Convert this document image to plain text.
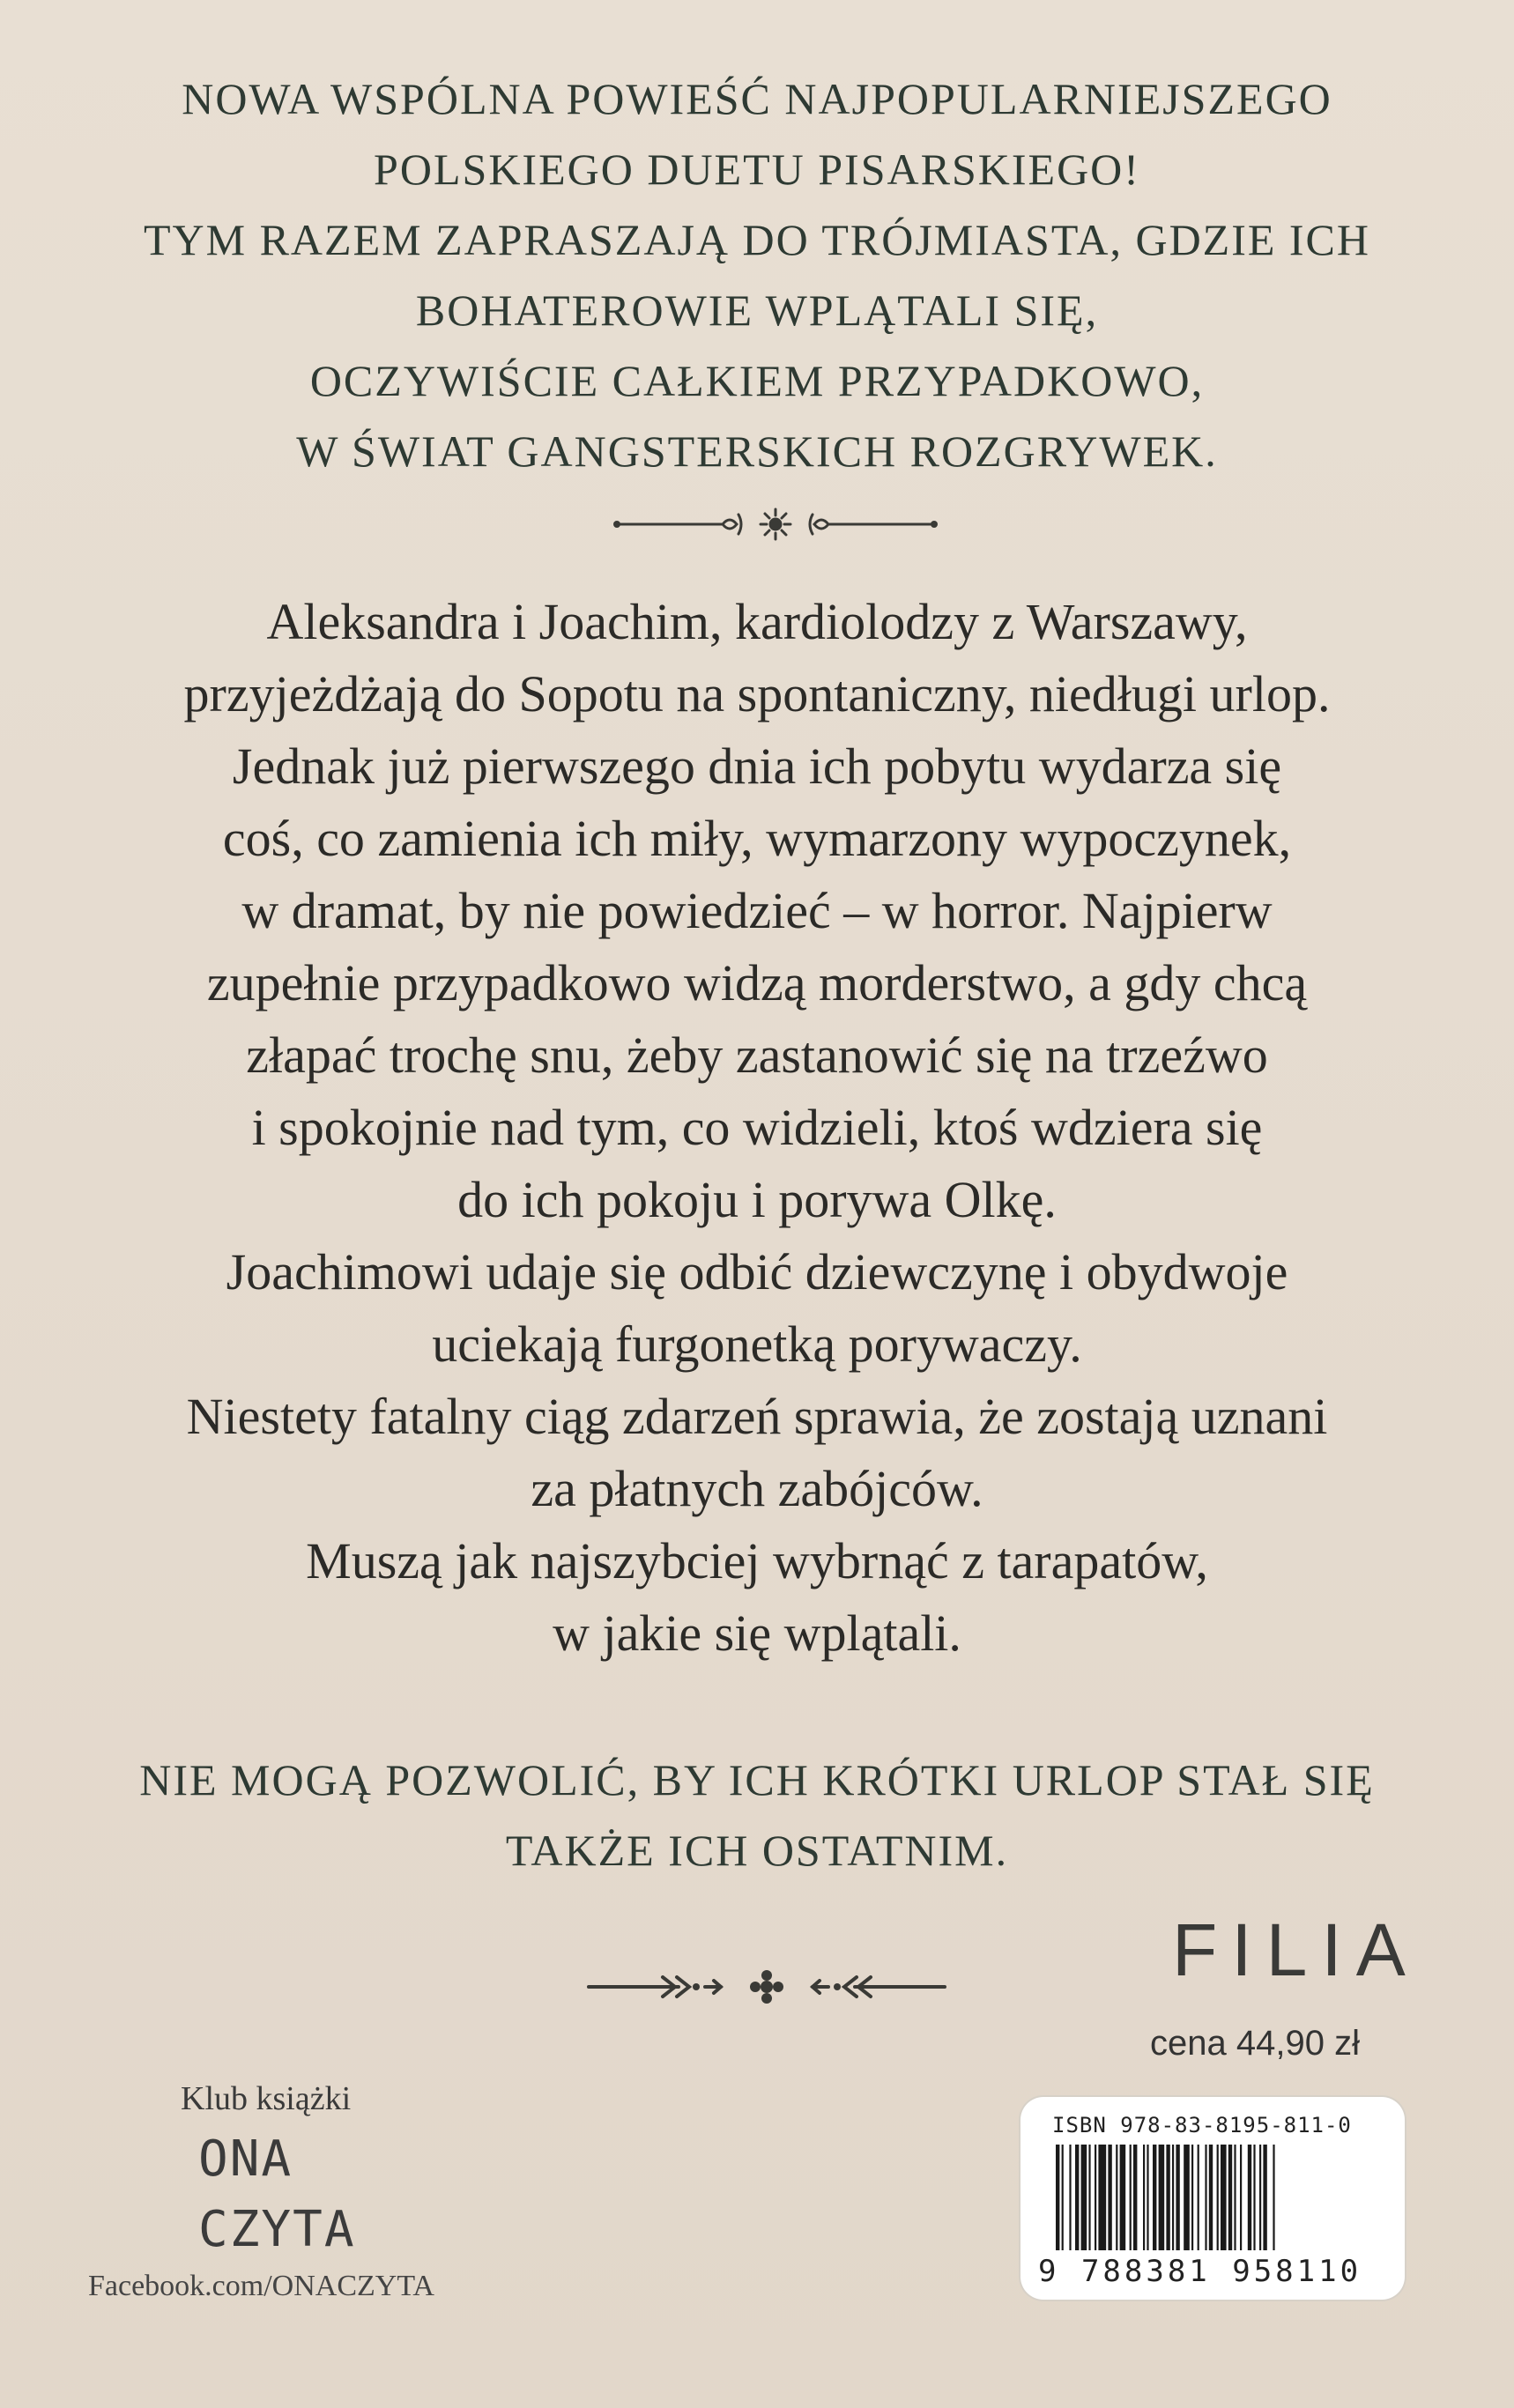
NOWA WSPÓLNA POWIEŚĆ NAJPOPULARNIEJSZEGO
POLSKIEGO DUETU PISARSKIEGO!
TYM RAZEM ZAPRASZAJĄ DO TRÓJMIASTA, GDZIE ICH
BOHATEROWIE WPLĄTALI SIĘ,
OCZYWIŚCIE CAŁKIEM PRZYPADKOWO,
W ŚWIAT GANGSTERSKICH ROZGRYWEK.
Aleksandra i Joachim, kardiolodzy z Warszawy,
przyjeżdżają do Sopotu na spontaniczny, niedługi urlop.
Jednak już pierwszego dnia ich pobytu wydarza się
coś, co zamienia ich miły, wymarzony wypoczynek,
w dramat, by nie powiedzieć – w horror. Najpierw
zupełnie przypadkowo widzą morderstwo, a gdy chcą
złapać trochę snu, żeby zastanowić się na trzeźwo
i spokojnie nad tym, co widzieli, ktoś wdziera się
do ich pokoju i porywa Olkę.
Joachimowi udaje się odbić dziewczynę i obydwoje
uciekają furgonetką porywaczy.
Niestety fatalny ciąg zdarzeń sprawia, że zostają uznani
za płatnych zabójców.
Muszą jak najszybciej wybrnąć z tarapatów,
w jakie się wplątali.
NIE MOGĄ POZWOLIĆ, BY ICH KRÓTKI URLOP STAŁ SIĘ
TAKŻE ICH OSTATNIM.
FILIA
cena 44,90 zł
Klub książki
ONA
CZYTA
Facebook.com/ONACZYTA
ISBN 978-83-8195-811-0
9 788381 958110
